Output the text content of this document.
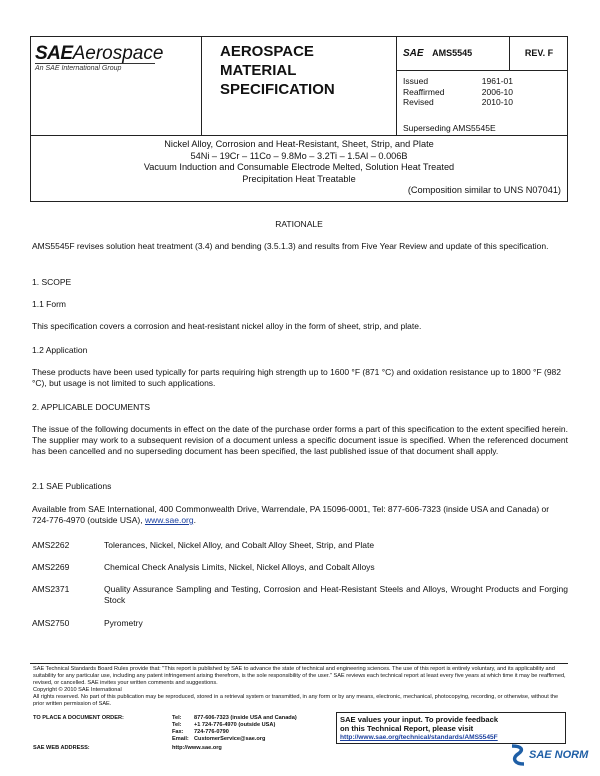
SAEAerospace
An SAE International Group
AEROSPACE
MATERIAL
SPECIFICATION
SAE AMS5545	REV. F
Issued	1961-01
Reaffirmed	2006-10
Revised	2010-10
Superseding AMS5545E
Nickel Alloy, Corrosion and Heat-Resistant, Sheet, Strip, and Plate
54Ni – 19Cr – 11Co – 9.8Mo – 3.2Ti – 1.5Al – 0.006B
Vacuum Induction and Consumable Electrode Melted, Solution Heat Treated
Precipitation Heat Treatable
(Composition similar to UNS N07041)
RATIONALE
AMS5545F revises solution heat treatment (3.4) and bending (3.5.1.3) and results from Five Year Review and update of this specification.
1. SCOPE
1.1 Form
This specification covers a corrosion and heat-resistant nickel alloy in the form of sheet, strip, and plate.
1.2 Application
These products have been used typically for parts requiring high strength up to 1600 °F (871 °C) and oxidation resistance up to 1800 °F (982 °C), but usage is not limited to such applications.
2. APPLICABLE DOCUMENTS
The issue of the following documents in effect on the date of the purchase order forms a part of this specification to the extent specified herein. The supplier may work to a subsequent revision of a document unless a specific document issue is specified. When the referenced document has been cancelled and no superseding document has been specified, the last published issue of that document shall apply.
2.1 SAE Publications
Available from SAE International, 400 Commonwealth Drive, Warrendale, PA 15096-0001, Tel: 877-606-7323 (inside USA and Canada) or 724-776-4970 (outside USA), www.sae.org.
AMS2262	Tolerances, Nickel, Nickel Alloy, and Cobalt Alloy Sheet, Strip, and Plate
AMS2269	Chemical Check Analysis Limits, Nickel, Nickel Alloys, and Cobalt Alloys
AMS2371	Quality Assurance Sampling and Testing, Corrosion and Heat-Resistant Steels and Alloys, Wrought Products and Forging Stock
AMS2750	Pyrometry
SAE Technical Standards Board Rules provide that: "This report is published by SAE to advance the state of technical and engineering sciences. The use of this report is entirely voluntary, and its applicability and suitability for any particular use, including any patent infringement arising therefrom, is the sole responsibility of the user." SAE reviews each technical report at least every five years at which time it may be reaffirmed, revised, or cancelled. SAE invites your written comments and suggestions.
Copyright © 2010 SAE International
All rights reserved. No part of this publication may be reproduced, stored in a retrieval system or transmitted, in any form or by any means, electronic, mechanical, photocopying, recording, or otherwise, without the prior written permission of SAE.
TO PLACE A DOCUMENT ORDER:	Tel:	877-606-7323 (inside USA and Canada)
Tel:	+1 724-776-4970 (outside USA)
Fax:	724-776-0790
Email: CustomerService@sae.org
SAE WEB ADDRESS:	http://www.sae.org
SAE values your input. To provide feedback
on this Technical Report, please visit
http://www.sae.org/technical/standards/AMS5545F
SAE NORM
